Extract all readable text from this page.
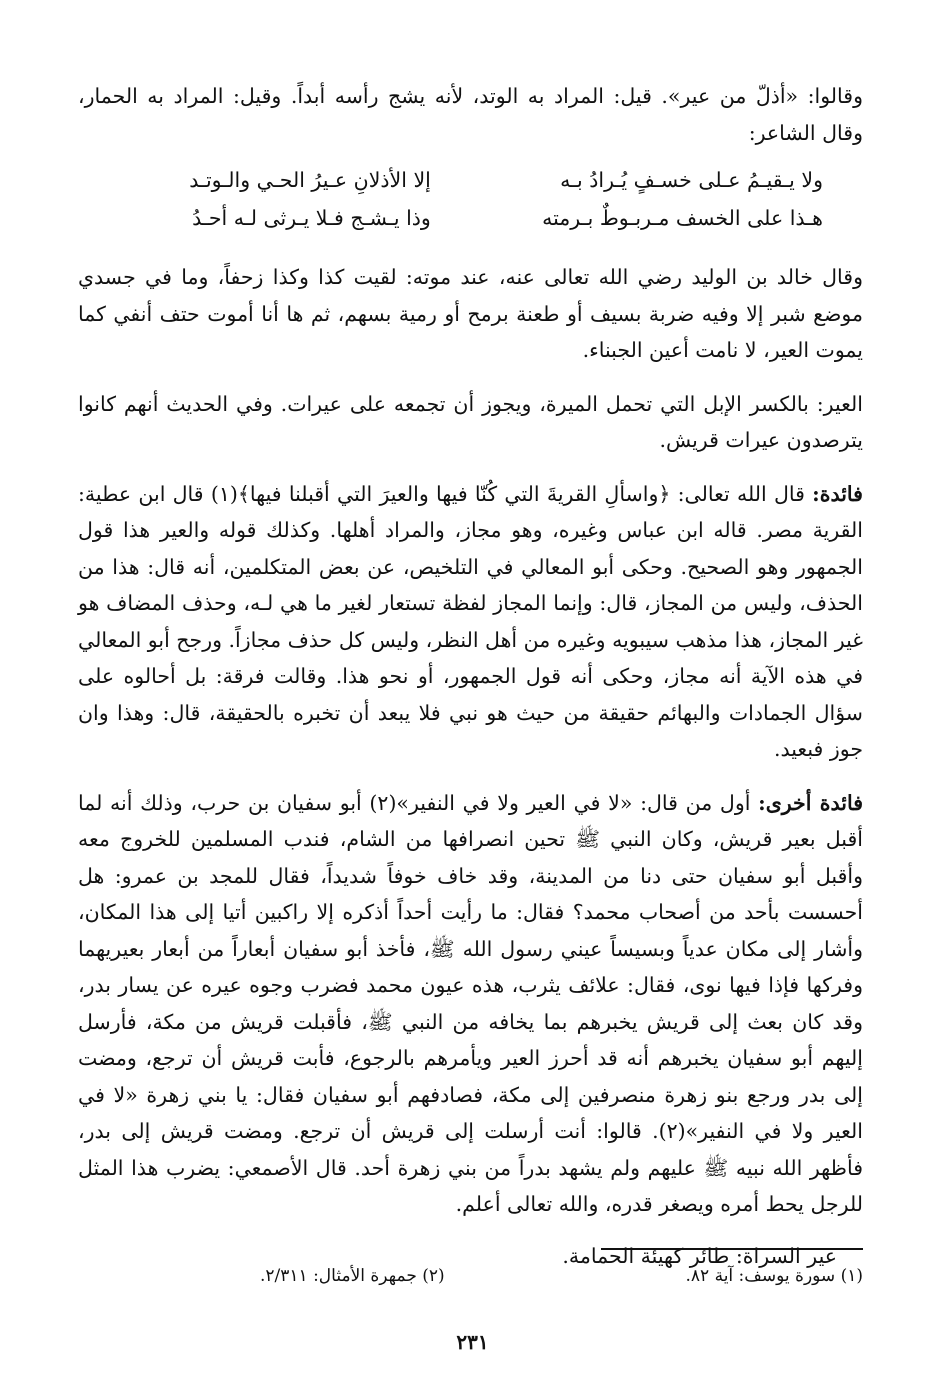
وقالوا: «أذلّ من عير». قيل: المراد به الوتد، لأنه يشج رأسه أبداً. وقيل: المراد به الحمار، وقال الشاعر:

ولا يـقيـمُ عـلى خسـفٍ يُـرادُ بـه
إلا الأذلانِ عـيرُ الحـي والـوتـد
هـذا على الخسف مـربـوطٌ بـرمته
وذا يـشـج فـلا يـرثى لـه أحـدُ

وقال خالد بن الوليد رضي الله تعالى عنه، عند موته: لقيت كذا وكذا زحفاً، وما في جسدي موضع شبر إلا وفيه ضربة بسيف أو طعنة برمح أو رمية بسهم، ثم ها أنا أموت حتف أنفي كما يموت العير، لا نامت أعين الجبناء.

العير: بالكسر الإبل التي تحمل الميرة، ويجوز أن تجمعه على عيرات. وفي الحديث أنهم كانوا يترصدون عيرات قريش.

فائدة: قال الله تعالى: ﴿واسألِ القريةَ التي كُنّا فيها والعيرَ التي أقبلنا فيها﴾(١) قال ابن عطية: القرية مصر. قاله ابن عباس وغيره، وهو مجاز، والمراد أهلها. وكذلك قوله والعير هذا قول الجمهور وهو الصحيح. وحكى أبو المعالي في التلخيص، عن بعض المتكلمين، أنه قال: هذا من الحذف، وليس من المجاز، قال: وإنما المجاز لفظة تستعار لغير ما هي لـه، وحذف المضاف هو غير المجاز، هذا مذهب سيبويه وغيره من أهل النظر، وليس كل حذف مجازاً. ورجح أبو المعالي في هذه الآية أنه مجاز، وحكى أنه قول الجمهور، أو نحو هذا. وقالت فرقة: بل أحالوه على سؤال الجمادات والبهائم حقيقة من حيث هو نبي فلا يبعد أن تخبره بالحقيقة، قال: وهذا وان جوز فبعيد.

فائدة أخرى: أول من قال: «لا في العير ولا في النفير»(٢) أبو سفيان بن حرب، وذلك أنه لما أقبل بعير قريش، وكان النبي ﷺ تحين انصرافها من الشام، فندب المسلمين للخروج معه وأقبل أبو سفيان حتى دنا من المدينة، وقد خاف خوفاً شديداً، فقال للمجد بن عمرو: هل أحسست بأحد من أصحاب محمد؟ فقال: ما رأيت أحداً أذكره إلا راكبين أتيا إلى هذا المكان، وأشار إلى مكان عدياً وبسيساً عيني رسول الله ﷺ، فأخذ أبو سفيان أبعاراً من أبعار بعيريهما وفركها فإذا فيها نوى، فقال: علائف يثرب، هذه عيون محمد فضرب وجوه عيره عن يسار بدر، وقد كان بعث إلى قريش يخبرهم بما يخافه من النبي ﷺ، فأقبلت قريش من مكة، فأرسل إليهم أبو سفيان يخبرهم أنه قد أحرز العير ويأمرهم بالرجوع، فأبت قريش أن ترجع، ومضت إلى بدر ورجع بنو زهرة منصرفين إلى مكة، فصادفهم أبو سفيان فقال: يا بني زهرة «لا في العير ولا في النفير»(٢). قالوا: أنت أرسلت إلى قريش أن ترجع. ومضت قريش إلى بدر، فأظهر الله نبيه ﷺ عليهم ولم يشهد بدراً من بني زهرة أحد. قال الأصمعي: يضرب هذا المثل للرجل يحط أمره ويصغر قدره، والله تعالى أعلم.

عير السراة: طائر كهيئة الحمامة.

(١) سورة يوسف: آية ٨٢.
(٢) جمهرة الأمثال: ٢/٣١١.
٢٣١
